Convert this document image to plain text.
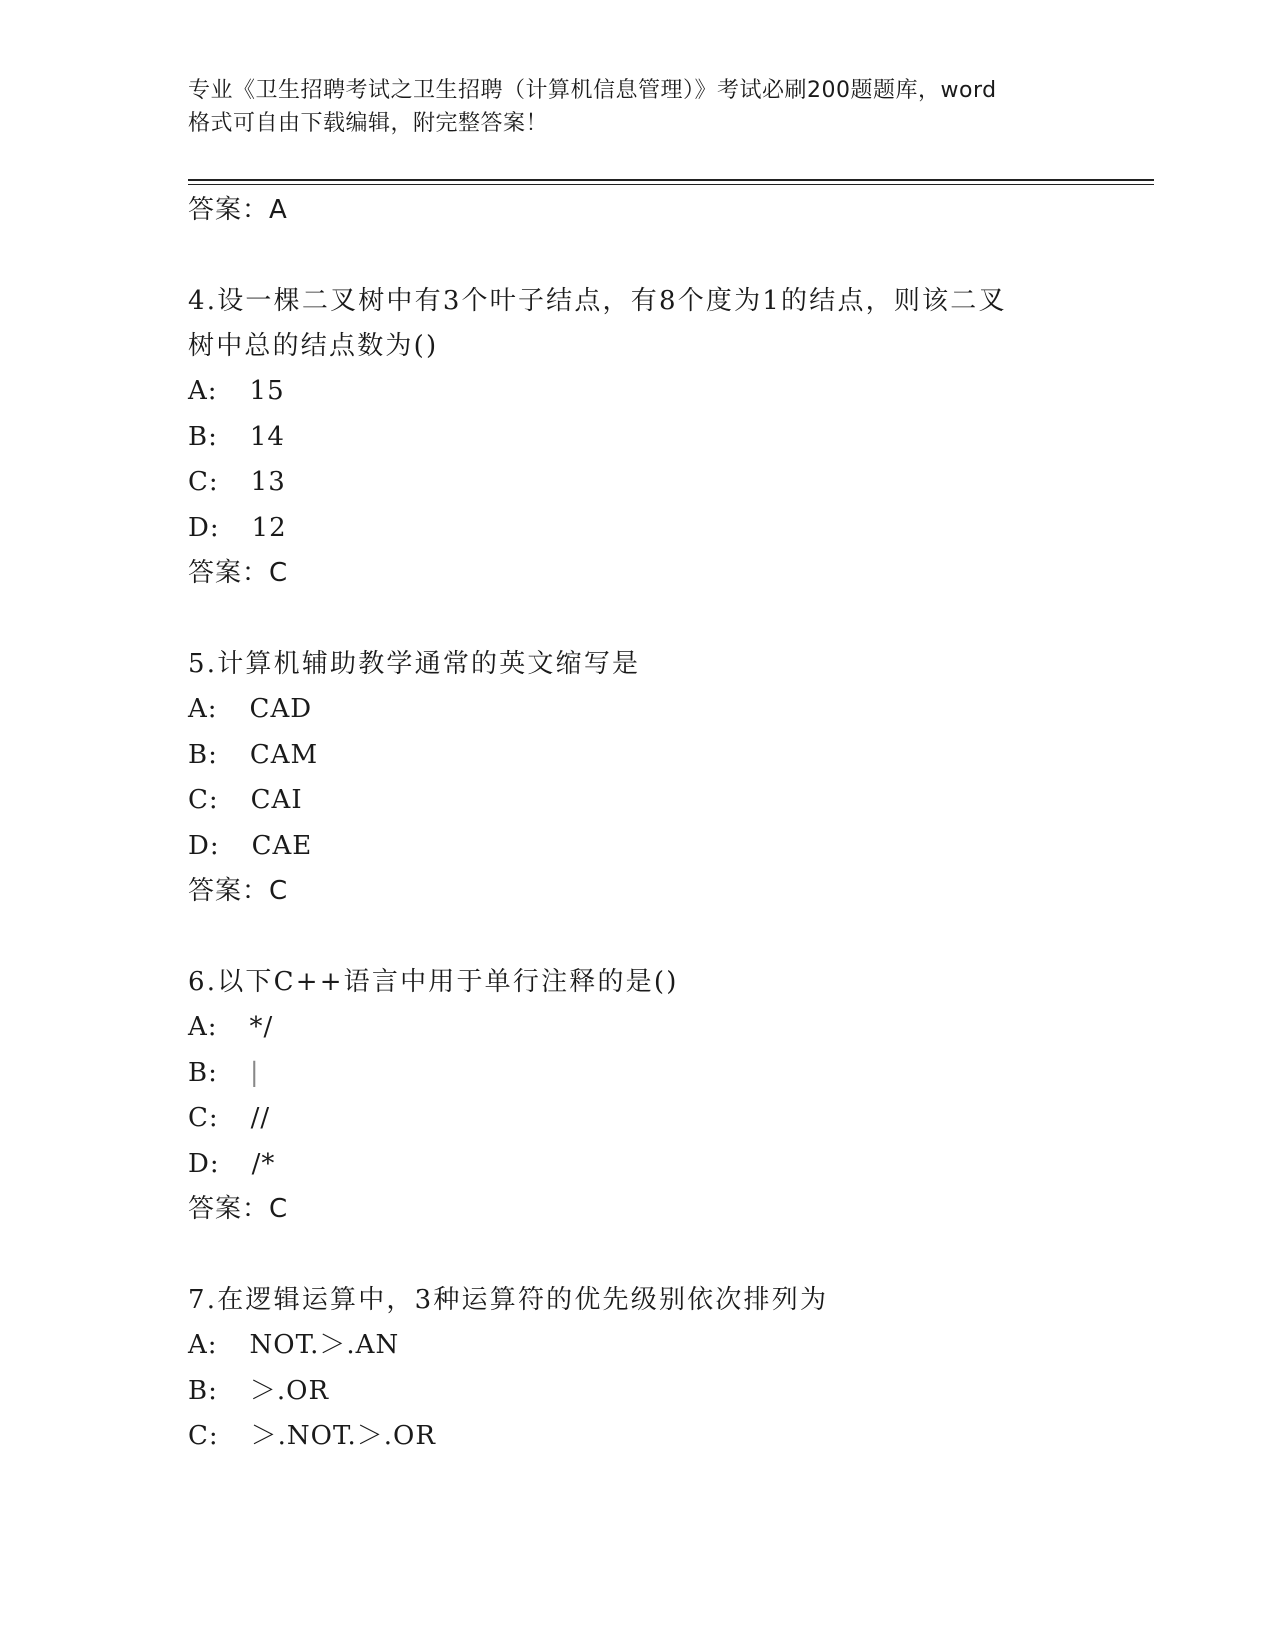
专业《卫生招聘考试之卫生招聘（计算机信息管理）》考试必刷200题题库，word
格式可自由下载编辑，附完整答案！
答案：A
4.设一棵二叉树中有3个叶子结点，有8个度为1的结点，则该二叉
树中总的结点数为()
A: 15
B: 14
C: 13
D: 12
答案：C
5.计算机辅助教学通常的英文缩写是
A: CAD
B: CAM
C: CAI
D: CAE
答案：C
6.以下C++语言中用于单行注释的是()
A: */
B: |
C: //
D: /*
答案：C
7.在逻辑运算中，3种运算符的优先级别依次排列为
A: NOT.＞.AN
B: ＞.OR
C: ＞.NOT.＞.OR
